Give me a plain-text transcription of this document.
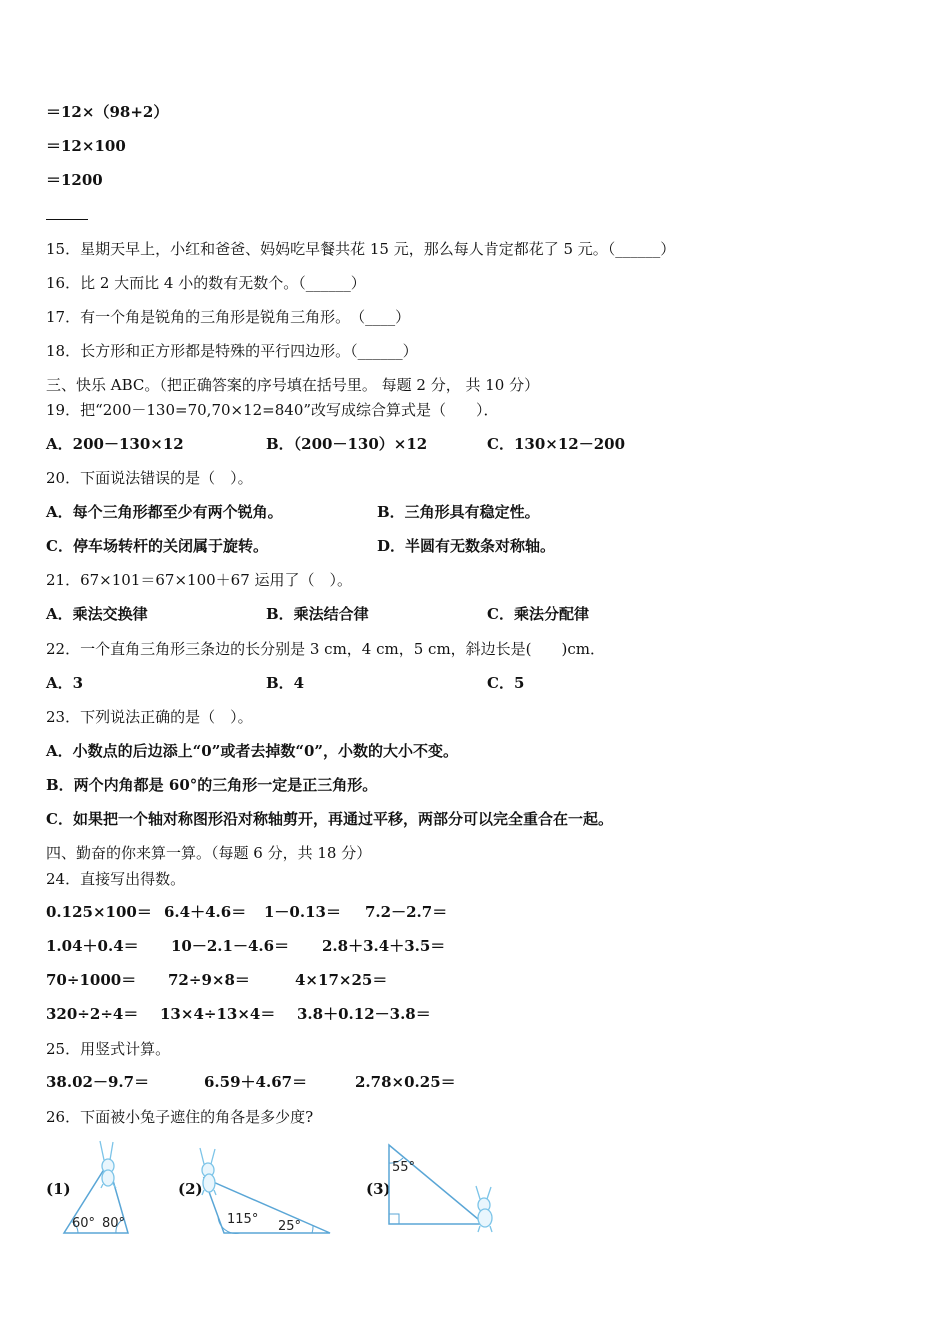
＝12×（98+2）
＝12×100
＝1200
15．星期天早上，小红和爸爸、妈妈吃早餐共花 15 元，那么每人肯定都花了 5 元。（______）
16．比 2 大而比 4 小的数有无数个。（______）
17．有一个角是锐角的三角形是锐角三角形。　（____）
18．长方形和正方形都是特殊的平行四边形。（______）
三、快乐 ABC。（把正确答案的序号填在括号里。 每题 2 分， 共 10 分）
19．把“200－130=70,70×12=840”改写成综合算式是（　　）．
A．200－130×12	B．（200－130）×12	C．130×12－200
20．下面说法错误的是（　）。
A．每个三角形都至少有两个锐角。	B．三角形具有稳定性。
C．停车场转杆的关闭属于旋转。	D．半圆有无数条对称轴。
21．67×101＝67×100＋67 运用了（　）。
A．乘法交换律	B．乘法结合律	C．乘法分配律
22．一个直角三角形三条边的长分别是 3 cm，4 cm，5 cm，斜边长是(　　)cm．
A．3	B．4	C．5
23．下列说法正确的是（　）。
A．小数点的后边添上“0”或者去掉数“0”，小数的大小不变。
B．两个内角都是 60°的三角形一定是正三角形。
C．如果把一个轴对称图形沿对称轴剪开，再通过平移，两部分可以完全重合在一起。
四、勤奋的你来算一算。（每题 6 分，共 18 分）
24．直接写出得数。
0.125×100＝ 6.4＋4.6＝ 1－0.13＝ 7.2－2.7＝
1.04＋0.4＝ 10－2.1－4.6＝ 2.8＋3.4＋3.5＝
70÷1000＝ 72÷9×8＝	4×17×25＝
320÷2÷4＝ 13×4÷13×4＝ 3.8＋0.12－3.8＝
25．用竖式计算。
38.02－9.7＝	6.59＋4.67＝	2.78×0.25＝
26．下面被小兔子遮住的角各是多少度?
(1)	(2)	(3)
60° 80°	115° 25°
55°
